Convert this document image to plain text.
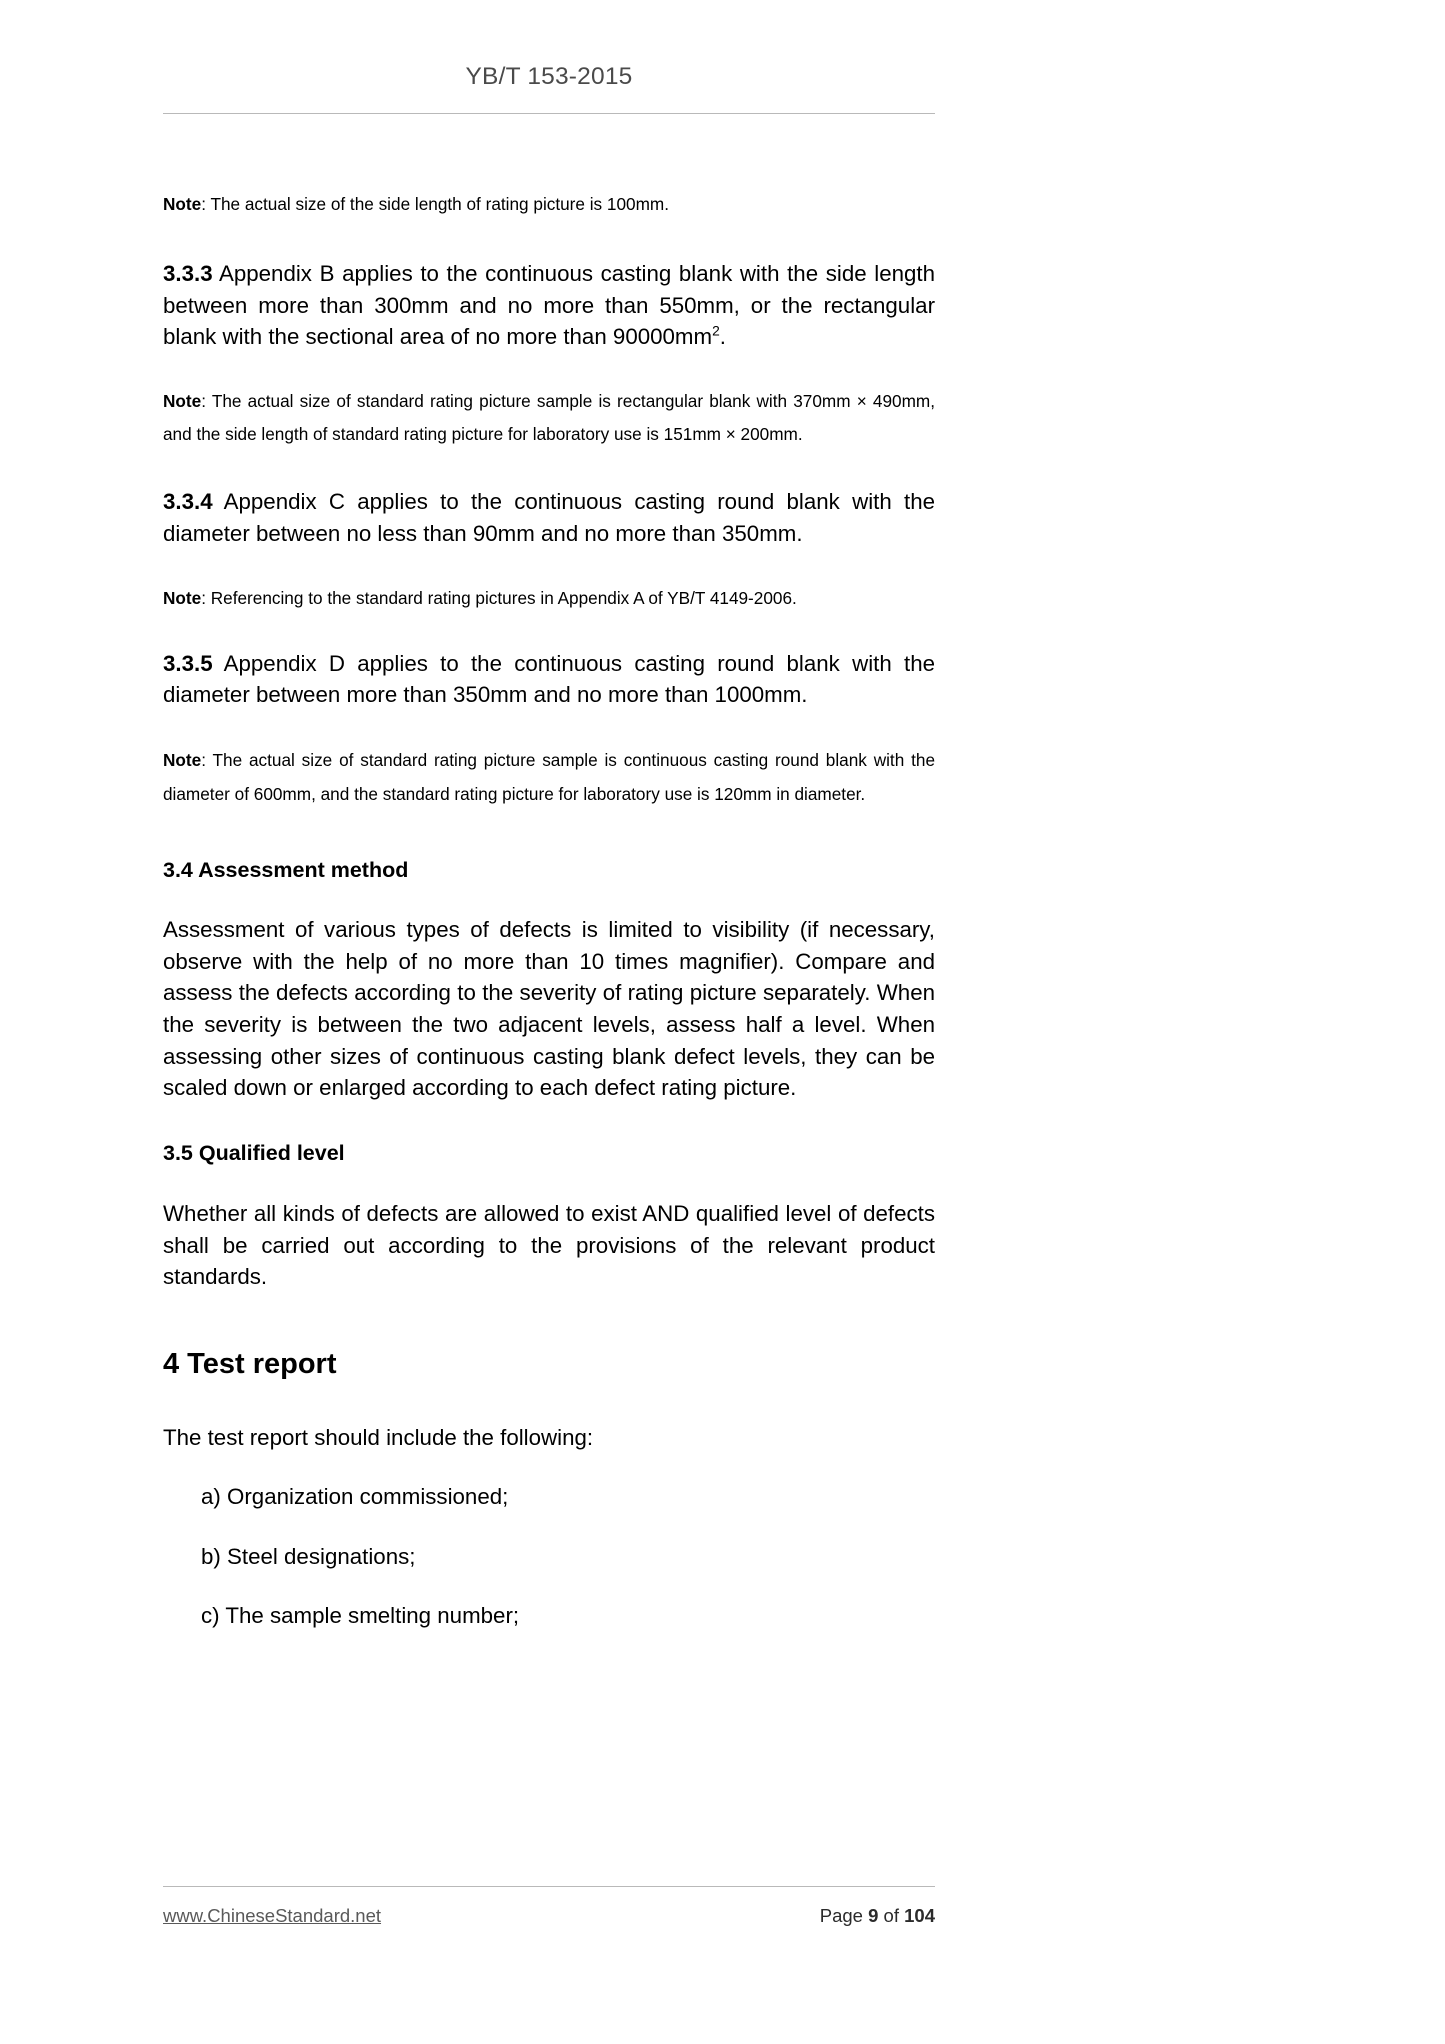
YB/T 153-2015

Note: The actual size of the side length of rating picture is 100mm.

3.3.3 Appendix B applies to the continuous casting blank with the side length between more than 300mm and no more than 550mm, or the rectangular blank with the sectional area of no more than $90000mm^2$.

Note: The actual size of standard rating picture sample is rectangular blank with 370mm × 490mm, and the side length of standard rating picture for laboratory use is 151mm × 200mm.

3.3.4 Appendix C applies to the continuous casting round blank with the diameter between no less than 90mm and no more than 350mm.

Note: Referencing to the standard rating pictures in Appendix A of YB/T 4149-2006.

3.3.5 Appendix D applies to the continuous casting round blank with the diameter between more than 350mm and no more than 1000mm.

Note: The actual size of standard rating picture sample is continuous casting round blank with the diameter of 600mm, and the standard rating picture for laboratory use is 120mm in diameter.

3.4 Assessment method

Assessment of various types of defects is limited to visibility (if necessary, observe with the help of no more than 10 times magnifier). Compare and assess the defects according to the severity of rating picture separately. When the severity is between the two adjacent levels, assess half a level. When assessing other sizes of continuous casting blank defect levels, they can be scaled down or enlarged according to each defect rating picture.

3.5 Qualified level

Whether all kinds of defects are allowed to exist AND qualified level of defects shall be carried out according to the provisions of the relevant product standards.

4 Test report

The test report should include the following:

a) Organization commissioned;

b) Steel designations;

c) The sample smelting number;

www.ChineseStandard.net	Page 9 of 104
